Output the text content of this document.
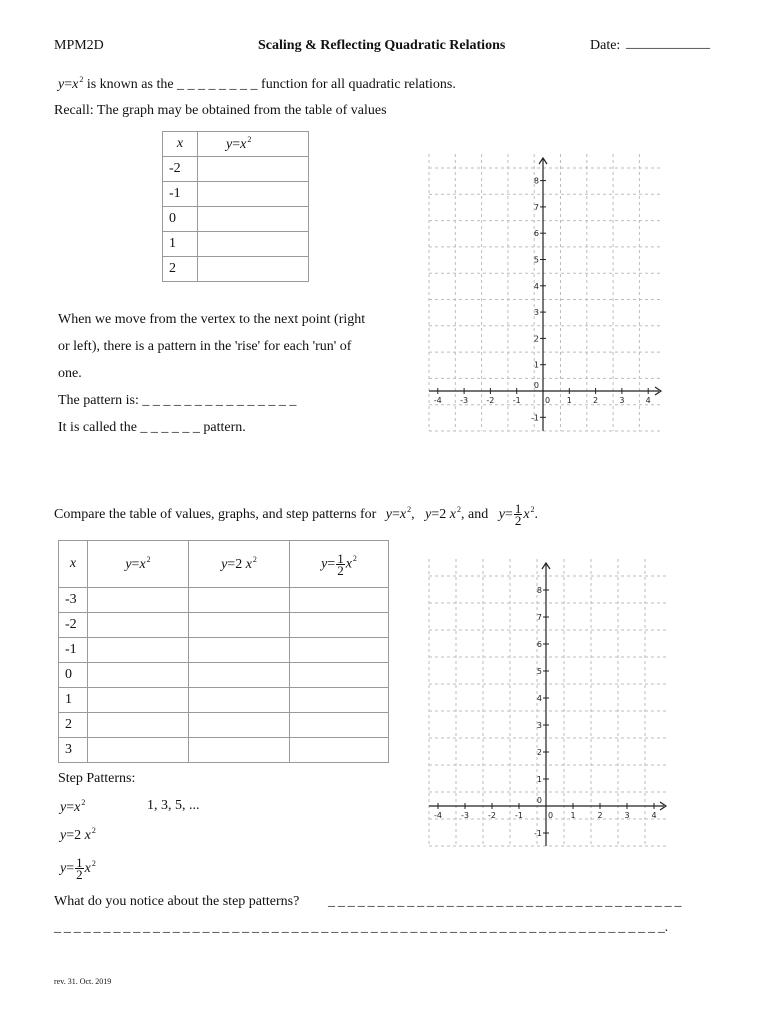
MPM2D	Scaling & Reflecting Quadratic Relations	Date: ____________
$y=x^2$ is known as the _ _ _ _ _ _ _ _ function for all quadratic relations.
Recall: The graph may be obtained from the table of values
x	$y=x^2$
-2	
-1	
0	
1	
2	
When we move from the vertex to the next point (right
or left), there is a pattern in the 'rise' for each 'run' of
one.
The pattern is: _ _ _ _ _ _ _ _ _ _ _ _ _ _ _
It is called the _ _ _ _ _ _ pattern.
-4 -3 -2 -1	0 1	2	3	4
8
7
6
5
4
3
2
1
-1
0
Compare the table of values, graphs, and step patterns for $y=x^2$,   y=2 $x^2$, and $y= \frac{1}{2} x^2$.
x	$y=x^2$	y=2 $x^2$	$y= \frac{1}{2} x^2$
-3			
-2			
-1			
0			
1			
2			
3			
Step Patterns:
$y=x^2$	1, 3, 5, ...
y=2 $x^2$
$y= \frac{1}{2} x^2$
-4 -3 -2 -1	0 1	2	3	4
8
7
6
5
4
3
2
1
-1
0
What do you notice about the step patterns? _ _ _ _ _ _ _ _ _ _ _ _ _ _ _ _ _ _ _ _ _ _ _ _ _ _ _ _ _ _ _ _ _ _ _ _
_ _ _ _ _ _ _ _ _ _ _ _ _ _ _ _ _ _ _ _ _ _ _ _ _ _ _ _ _ _ _ _ _ _ _ _ _ _ _ _ _ _ _ _ _ _ _ _ _ _ _ _ _ _ _ _ _ _ _ _ _ _.
rev. 31. Oct. 2019
